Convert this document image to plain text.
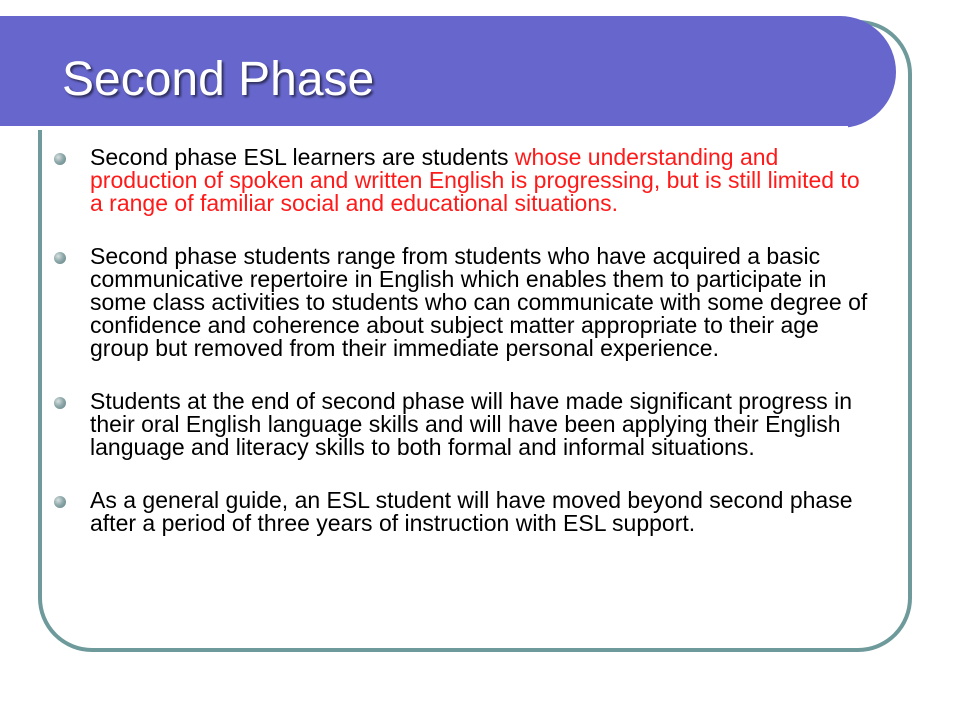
Second Phase
Second phase ESL learners are students whose understanding and production of spoken and written English is progressing, but is still limited to a range of familiar social and educational situations.
Second phase students range from students who have acquired a basic communicative repertoire in English which enables them to participate in some class activities to students who can communicate with some degree of confidence and coherence about subject matter appropriate to their age group but removed from their immediate personal experience.
Students at the end of second phase will have made significant progress in their oral English language skills and will have been applying their English language and literacy skills to both formal and informal situations.
As a general guide, an ESL student will have moved beyond second phase after a period of three years of instruction with ESL support.
